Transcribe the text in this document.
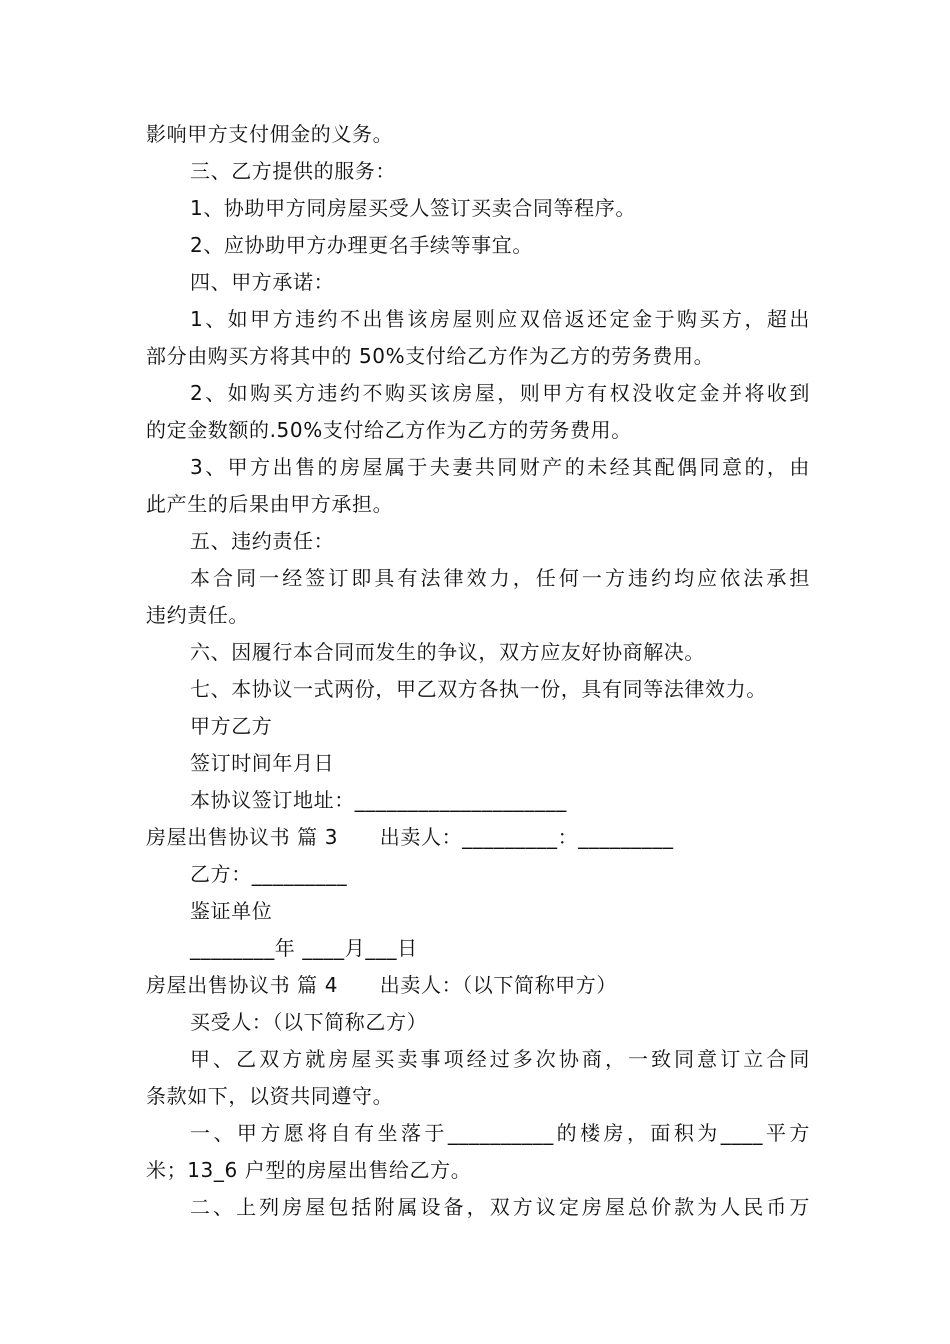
影响甲方支付佣金的义务。
三、乙方提供的服务：
1、协助甲方同房屋买受人签订买卖合同等程序。
2、应协助甲方办理更名手续等事宜。
四、甲方承诺：
1、如甲方违约不出售该房屋则应双倍返还定金于购买方，超出
部分由购买方将其中的 50%支付给乙方作为乙方的劳务费用。
2、如购买方违约不购买该房屋，则甲方有权没收定金并将收到
的定金数额的.50%支付给乙方作为乙方的劳务费用。
3、甲方出售的房屋属于夫妻共同财产的未经其配偶同意的，由
此产生的后果由甲方承担。
五、违约责任：
本合同一经签订即具有法律效力，任何一方违约均应依法承担
违约责任。
六、因履行本合同而发生的争议，双方应友好协商解决。
七、本协议一式两份，甲乙双方各执一份，具有同等法律效力。
甲方乙方
签订时间年月日
本协议签订地址：____________________
房屋出售协议书 篇 3      出卖人：_________：_________
乙方：_________
鉴证单位
________年 ____月___日
房屋出售协议书 篇 4      出卖人：（以下简称甲方）
买受人：（以下简称乙方）
甲、乙双方就房屋买卖事项经过多次协商，一致同意订立合同
条款如下，以资共同遵守。
一、甲方愿将自有坐落于__________的楼房，面积为____平方
米；13_6 户型的房屋出售给乙方。
二、上列房屋包括附属设备，双方议定房屋总价款为人民币万
